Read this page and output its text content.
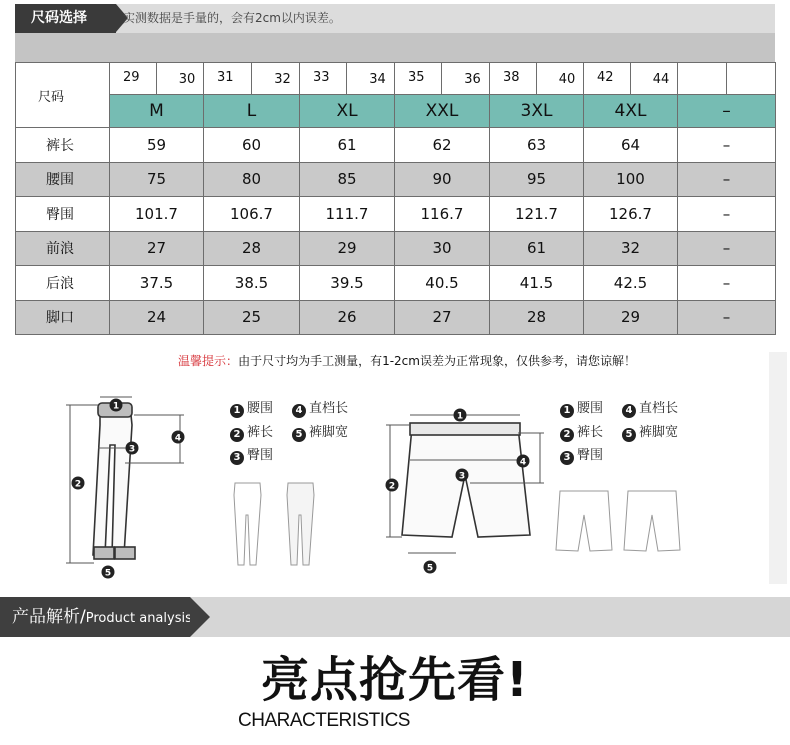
尺码选择	实测数据是手量的，会有2cm以内误差。
尺码	29	30	31	32	33	34	35	36	38	40	42	44		
	M		L		XL		XXL		3XL		4XL		–	
裤长	59		60		61		62		63		64		–	
腰围	75		80		85		90		95		100		–	
臀围	101.7		106.7		111.7		116.7		121.7		126.7		–	
前浪	27		28		29		30		61		32		–	
后浪	37.5		38.5		39.5		40.5		41.5		42.5		–	
脚口	24		25		26		27		28		29		–	
温馨提示：由于尺寸均为手工测量，有1-2cm误差为正常现象，仅供参考，请您谅解！
1
2
3
4
5
1
2
3
4
5
1 腰围 4 直档长
2 裤长 5 裤脚宽
3 臀围
1 腰围 4 直档长
2 裤长 5 裤脚宽
3 臀围
产品解析/Product analysis
亮点抢先看!
CHARACTERISTICS
